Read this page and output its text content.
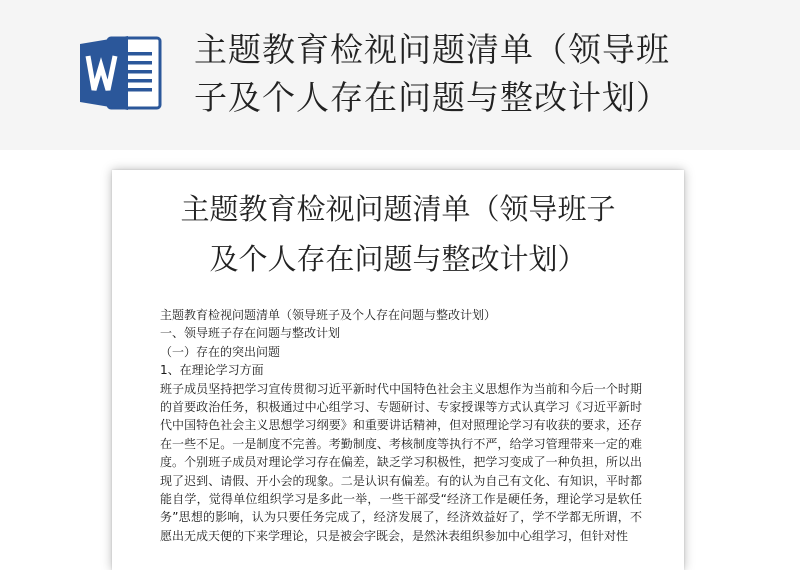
主题教育检视问题清单（领导班
子及个人存在问题与整改计划）
主题教育检视问题清单（领导班子
及个人存在问题与整改计划）

主题教育检视问题清单（领导班子及个人存在问题与整改计划）

一、领导班子存在问题与整改计划

（一）存在的突出问题

1、在理论学习方面

班子成员坚持把学习宣传贯彻习近平新时代中国特色社会主义思想作为当前和今后一个时期的首要政治任务，积极通过中心组学习、专题研讨、专家授课等方式认真学习《习近平新时代中国特色社会主义思想学习纲要》和重要讲话精神，但对照理论学习有收获的要求，还存在一些不足。一是制度不完善。考勤制度、考核制度等执行不严，给学习管理带来一定的难度。个别班子成员对理论学习存在偏差，缺乏学习积极性，把学习变成了一种负担，所以出现了迟到、请假、开小会的现象。二是认识有偏差。有的认为自己有文化、有知识，平时都能自学，觉得单位组织学习是多此一举，一些干部受“经济工作是硬任务，理论学习是软任务”思想的影响，认为只要任务完成了，经济发展了，经济效益好了，学不学都无所谓，不愿出无成天便的下来学理论，只是被会字既会，是然沐表组织参加中心组学习，但针对性
